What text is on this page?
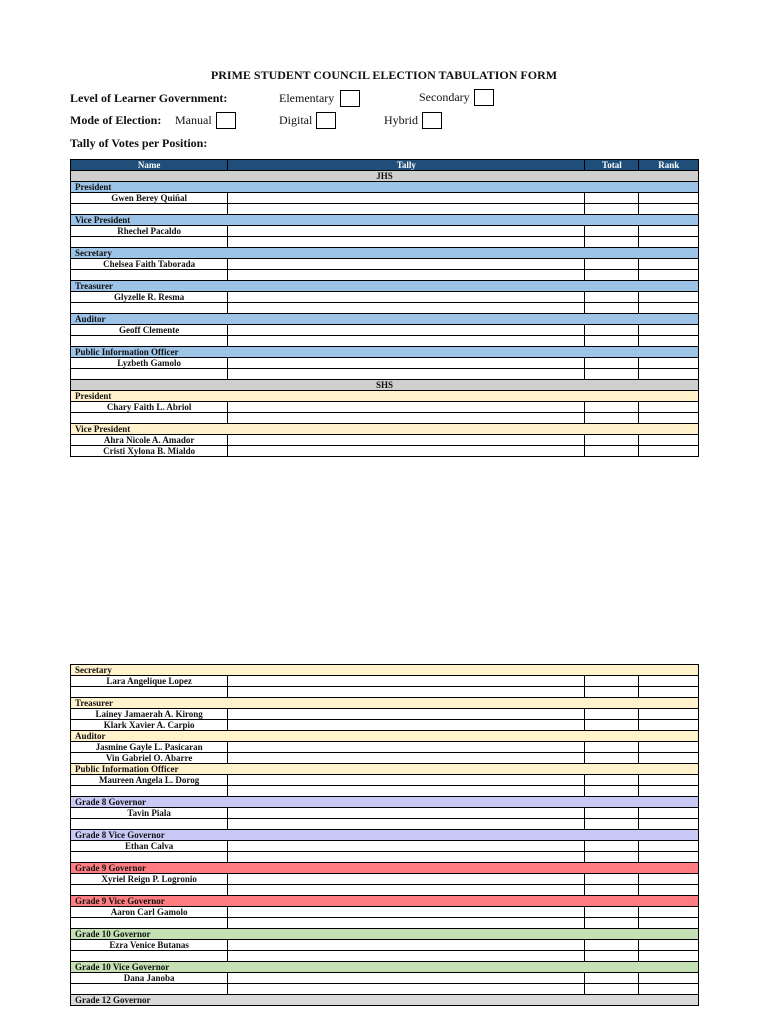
PRIME STUDENT COUNCIL ELECTION TABULATION FORM
Level of Learner Government:	Elementary	Secondary
Mode of Election: Manual	Digital	Hybrid
Tally of Votes per Position:
Name	Tally	Total	Rank
JHS			
President			
Gwen Berey Quiñal			

Vice President			
Rhechel Pacaldo			

Secretary			
Chelsea Faith Taborada			

Treasurer			
Glyzelle R. Resma			

Auditor			
Geoff Clemente			

Public Information Officer			
Lyzbeth Gamolo			

SHS			
President			
Chary Faith L. Abriol			

Vice President			
Ahra Nicole A. Amador			
Cristi Xylona B. Mialdo			
Secretary			
Lara Angelique Lopez			

Treasurer			
Lainey Jamaerah A. Kirong			
Klark Xavier A. Carpio			
Auditor			
Jasmine Gayle L. Pasicaran			
Vin Gabriel O. Abarre			
Public Information Officer			
Maureen Angela L. Dorog			

Grade 8 Governor			
Tavin Piala			

Grade 8 Vice Governor			
Ethan Calva			

Grade 9 Governor			
Xyriel Reign P. Logronio			

Grade 9 Vice Governor			
Aaron Carl Gamolo			

Grade 10 Governor			
Ezra Venice Butanas			

Grade 10 Vice Governor			
Dana Janoba			

Grade 12 Governor			
